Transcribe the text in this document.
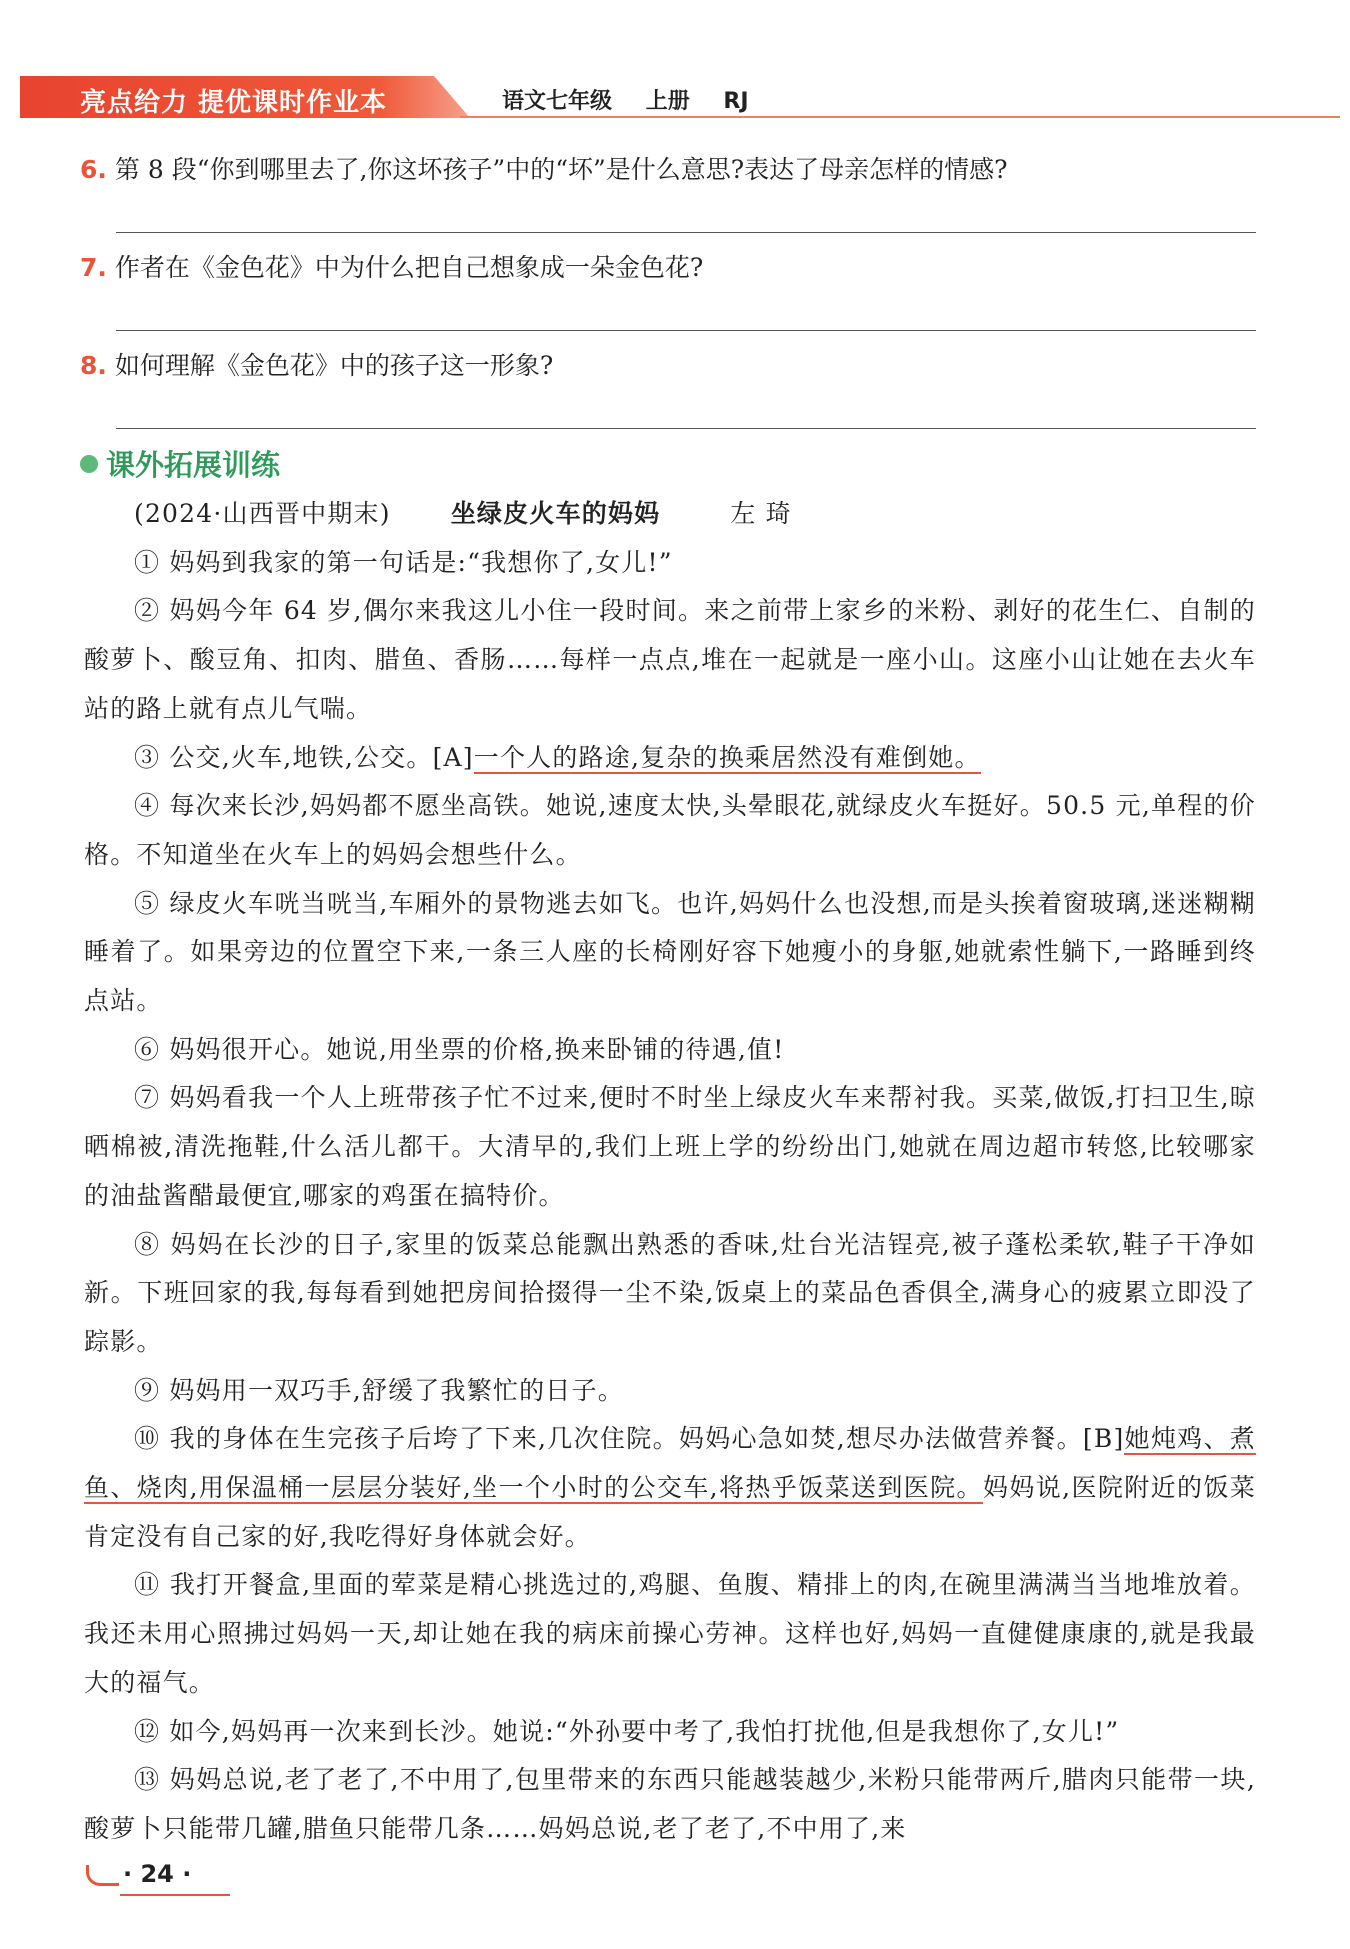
亮点给力 提优课时作业本	语文七年级 上册 RJ
6. 第 8 段“你到哪里去了,你这坏孩子”中的“坏”是什么意思?表达了母亲怎样的情感?
7. 作者在《金色花》中为什么把自己想象成一朵金色花?
8. 如何理解《金色花》中的孩子这一形象?
课外拓展训练

(2024·山西晋中期末) 坐绿皮火车的妈妈	左 琦

① 妈妈到我家的第一句话是:“我想你了,女儿!”

② 妈妈今年 64 岁,偶尔来我这儿小住一段时间。来之前带上家乡的米粉、剥好的花生仁、自制的酸萝卜、酸豆角、扣肉、腊鱼、香肠……每样一点点,堆在一起就是一座小山。这座小山让她在去火车站的路上就有点儿气喘。

③ 公交,火车,地铁,公交。[A]一个人的路途,复杂的换乘居然没有难倒她。

④ 每次来长沙,妈妈都不愿坐高铁。她说,速度太快,头晕眼花,就绿皮火车挺好。50.5 元,单程的价格。不知道坐在火车上的妈妈会想些什么。

⑤ 绿皮火车咣当咣当,车厢外的景物逃去如飞。也许,妈妈什么也没想,而是头挨着窗玻璃,迷迷糊糊睡着了。如果旁边的位置空下来,一条三人座的长椅刚好容下她瘦小的身躯,她就索性躺下,一路睡到终点站。

⑥ 妈妈很开心。她说,用坐票的价格,换来卧铺的待遇,值!

⑦ 妈妈看我一个人上班带孩子忙不过来,便时不时坐上绿皮火车来帮衬我。买菜,做饭,打扫卫生,晾晒棉被,清洗拖鞋,什么活儿都干。大清早的,我们上班上学的纷纷出门,她就在周边超市转悠,比较哪家的油盐酱醋最便宜,哪家的鸡蛋在搞特价。

⑧ 妈妈在长沙的日子,家里的饭菜总能飘出熟悉的香味,灶台光洁锃亮,被子蓬松柔软,鞋子干净如新。下班回家的我,每每看到她把房间拾掇得一尘不染,饭桌上的菜品色香俱全,满身心的疲累立即没了踪影。

⑨ 妈妈用一双巧手,舒缓了我繁忙的日子。

⑩ 我的身体在生完孩子后垮了下来,几次住院。妈妈心急如焚,想尽办法做营养餐。[B]她炖鸡、煮鱼、烧肉,用保温桶一层层分装好,坐一个小时的公交车,将热乎饭菜送到医院。妈妈说,医院附近的饭菜肯定没有自己家的好,我吃得好身体就会好。

⑪ 我打开餐盒,里面的荤菜是精心挑选过的,鸡腿、鱼腹、精排上的肉,在碗里满满当当地堆放着。我还未用心照拂过妈妈一天,却让她在我的病床前操心劳神。这样也好,妈妈一直健健康康的,就是我最大的福气。

⑫ 如今,妈妈再一次来到长沙。她说:“外孙要中考了,我怕打扰他,但是我想你了,女儿!”

⑬ 妈妈总说,老了老了,不中用了,包里带来的东西只能越装越少,米粉只能带两斤,腊肉只能带一块,酸萝卜只能带几罐,腊鱼只能带几条……妈妈总说,老了老了,不中用了,来

· 24 ·
